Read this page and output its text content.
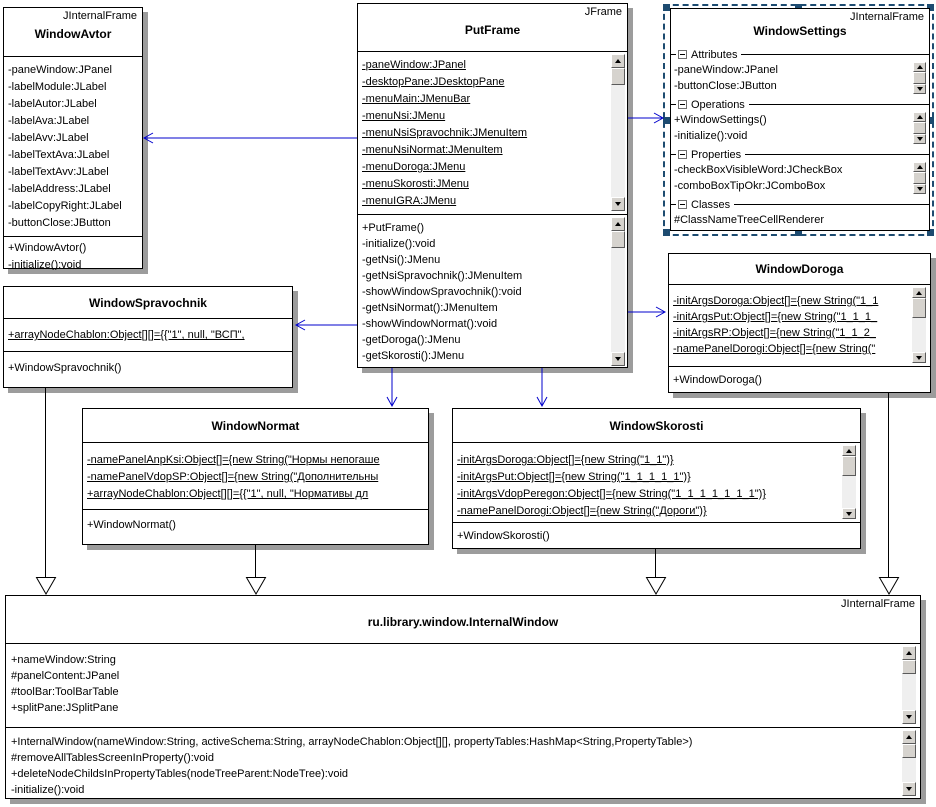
JInternalFrame
WindowAvtor
-paneWindow:JPanel
-labelModule:JLabel
-labelAutor:JLabel
-labelAva:JLabel
-labelAvv:JLabel
-labelTextAva:JLabel
-labelTextAvv:JLabel
-labelAddress:JLabel
-labelCopyRight:JLabel
-buttonClose:JButton
+WindowAvtor()
-initialize():void
JFrame
PutFrame
-paneWindow:JPanel
-desktopPane:JDesktopPane
-menuMain:JMenuBar
-menuNsi:JMenu
-menuNsiSpravochnik:JMenuItem
-menuNsiNormat:JMenuItem
-menuDoroga:JMenu
-menuSkorosti:JMenu
-menuIGRA:JMenu
+PutFrame()
-initialize():void
-getNsi():JMenu
-getNsiSpravochnik():JMenuItem
-showWindowSpravochnik():void
-getNsiNormat():JMenuItem
-showWindowNormat():void
-getDoroga():JMenu
-getSkorosti():JMenu
JInternalFrame
WindowSettings
Attributes
-paneWindow:JPanel
-buttonClose:JButton
Operations
+WindowSettings()
-initialize():void
Properties
-checkBoxVisibleWord:JCheckBox
-comboBoxTipOkr:JComboBox
Classes
#ClassNameTreeCellRenderer
WindowSpravochnik
+arrayNodeChablon:Object[][]={{"1", null, "ВСП",
+WindowSpravochnik()
WindowDoroga
-initArgsDoroga:Object[]={new String("1_1
-initArgsPut:Object[]={new String("1_1_1_
-initArgsRP:Object[]={new String("1_1_2_
-namePanelDorogi:Object[]={new String("
+WindowDoroga()
WindowNormat
-namePanelAnpKsi:Object[]={new String("Нормы непогаше
-namePanelVdopSP:Object[]={new String("Дополнительны
+arrayNodeChablon:Object[][]={{"1", null, "Нормативы дл
+WindowNormat()
WindowSkorosti
-initArgsDoroga:Object[]={new String("1_1")}
-initArgsPut:Object[]={new String("1_1_1_1_1")}
-initArgsVdopPeregon:Object[]={new String("1_1_1_1_1_1_1")}
-namePanelDorogi:Object[]={new String("Дороги")}
+WindowSkorosti()
JInternalFrame
ru.library.window.InternalWindow
+nameWindow:String
#panelContent:JPanel
#toolBar:ToolBarTable
+splitPane:JSplitPane
+InternalWindow(nameWindow:String, activeSchema:String, arrayNodeChablon:Object[][], propertyTables:HashMap<String,PropertyTable>)
#removeAllTablesScreenInProperty():void
+deleteNodeChildsInPropertyTables(nodeTreeParent:NodeTree):void
-initialize():void
